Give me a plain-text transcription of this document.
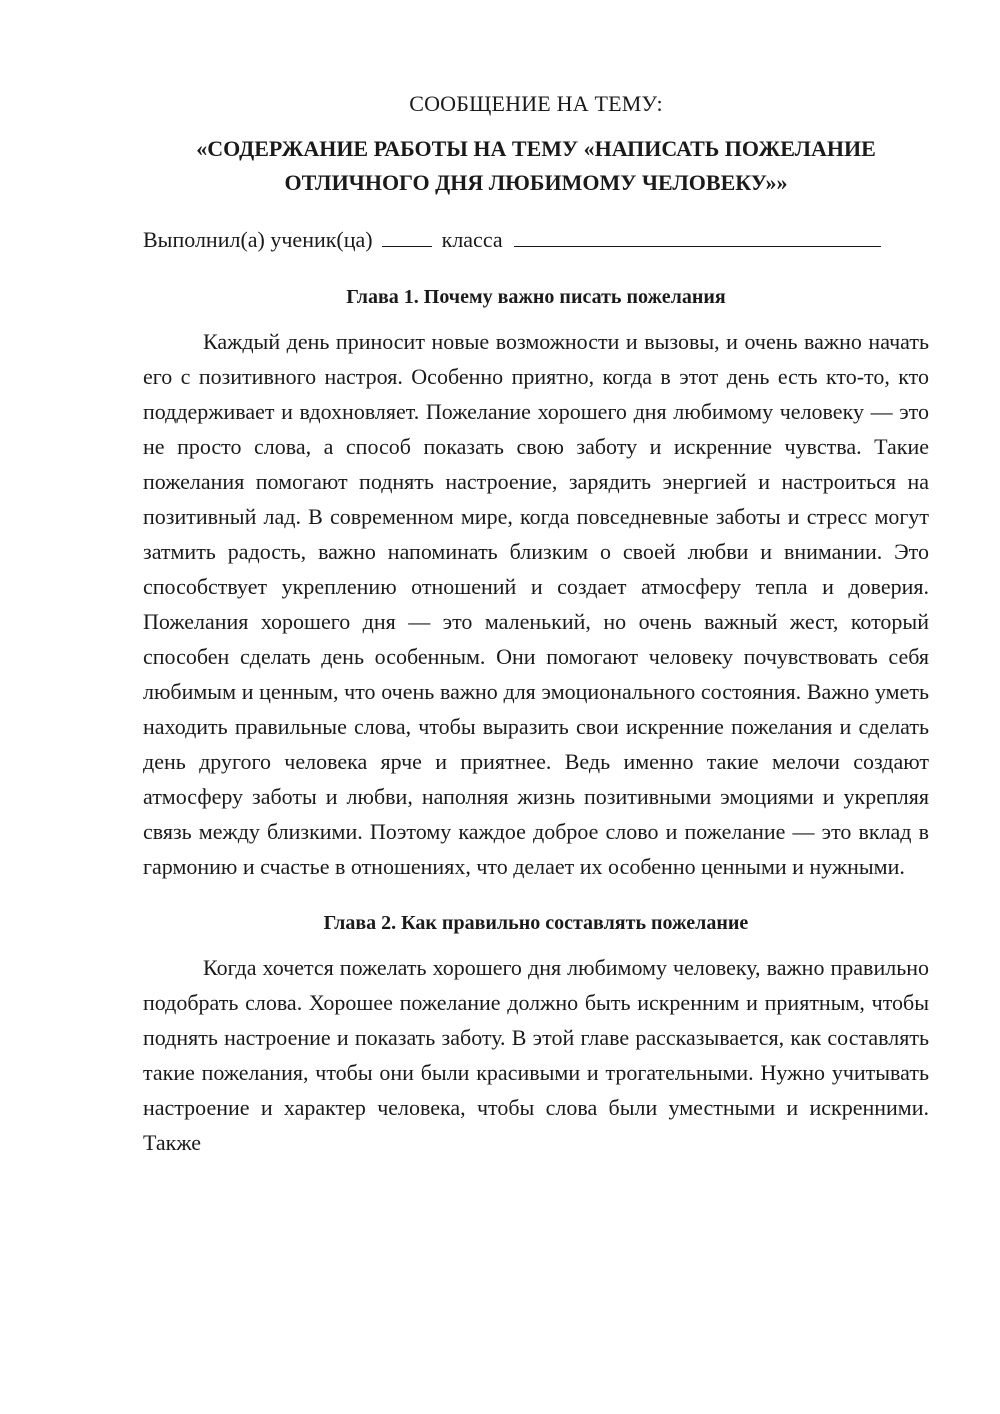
СООБЩЕНИЕ НА ТЕМУ:
«СОДЕРЖАНИЕ РАБОТЫ НА ТЕМУ «НАПИСАТЬ ПОЖЕЛАНИЕ
ОТЛИЧНОГО ДНЯ ЛЮБИМОМУ ЧЕЛОВЕКУ»»
Выполнил(а) ученик(ца)	класса
Глава 1. Почему важно писать пожелания

Каждый день приносит новые возможности и вызовы, и очень важно начать его с позитивного настроя. Особенно приятно, когда в этот день есть кто-то, кто поддерживает и вдохновляет. Пожелание хорошего дня любимому человеку — это не просто слова, а способ показать свою заботу и искренние чувства. Такие пожелания помогают поднять настроение, зарядить энергией и настроиться на позитивный лад. В современном мире, когда повседневные заботы и стресс могут затмить радость, важно напоминать близким о своей любви и внимании. Это способствует укреплению отношений и создает атмосферу тепла и доверия. Пожелания хорошего дня — это маленький, но очень важный жест, который способен сделать день особенным. Они помогают человеку почувствовать себя любимым и ценным, что очень важно для эмоционального состояния. Важно уметь находить правильные слова, чтобы выразить свои искренние пожелания и сделать день другого человека ярче и приятнее. Ведь именно такие мелочи создают атмосферу заботы и любви, наполняя жизнь позитивными эмоциями и укрепляя связь между близкими. Поэтому каждое доброе слово и пожелание — это вклад в гармонию и счастье в отношениях, что делает их особенно ценными и нужными.

Глава 2. Как правильно составлять пожелание

Когда хочется пожелать хорошего дня любимому человеку, важно правильно подобрать слова. Хорошее пожелание должно быть искренним и приятным, чтобы поднять настроение и показать заботу. В этой главе рассказывается, как составлять такие пожелания, чтобы они были красивыми и трогательными. Нужно учитывать настроение и характер человека, чтобы слова были уместными и искренними. Также
